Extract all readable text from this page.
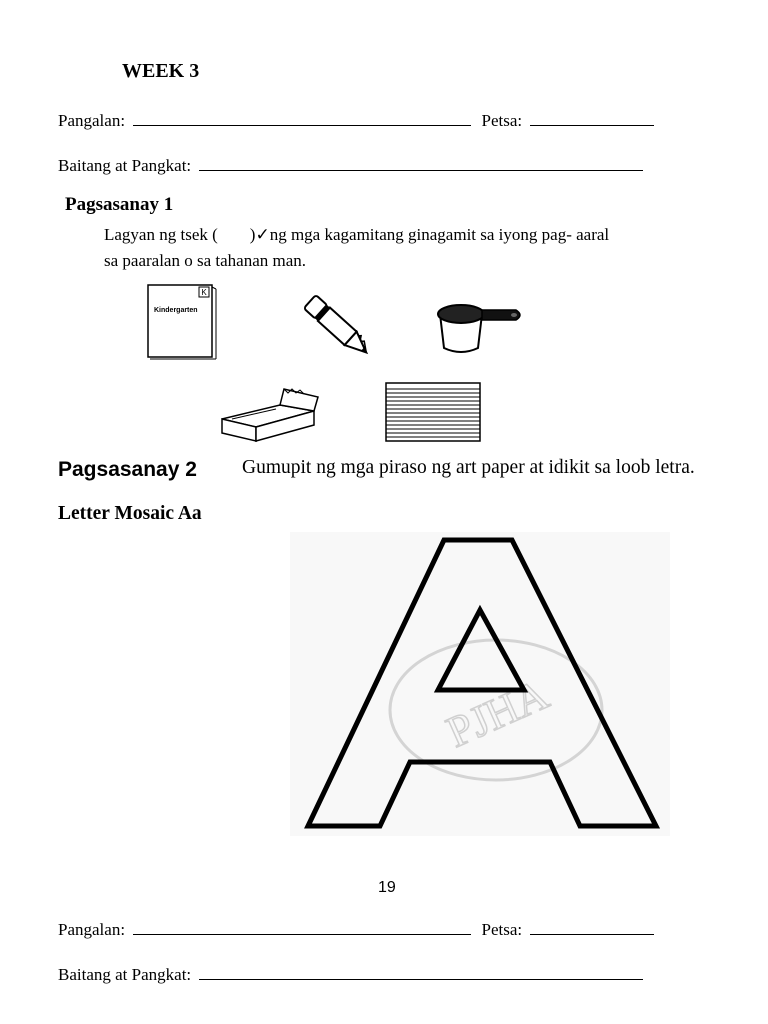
WEEK 3
Pangalan:	Petsa:
Baitang at Pangkat:
Pagsasanay 1
Lagyan ng tsek ( )✓ng mga kagamitang ginagamit sa iyong pag- aaral
sa paaralan o sa tahanan man.
K
Kindergarten
Pagsasanay 2 Gumupit ng mga piraso ng art paper at idikit sa loob letra.
Letter Mosaic Aa
PJHA
19
Pangalan:	Petsa:
Baitang at Pangkat:
